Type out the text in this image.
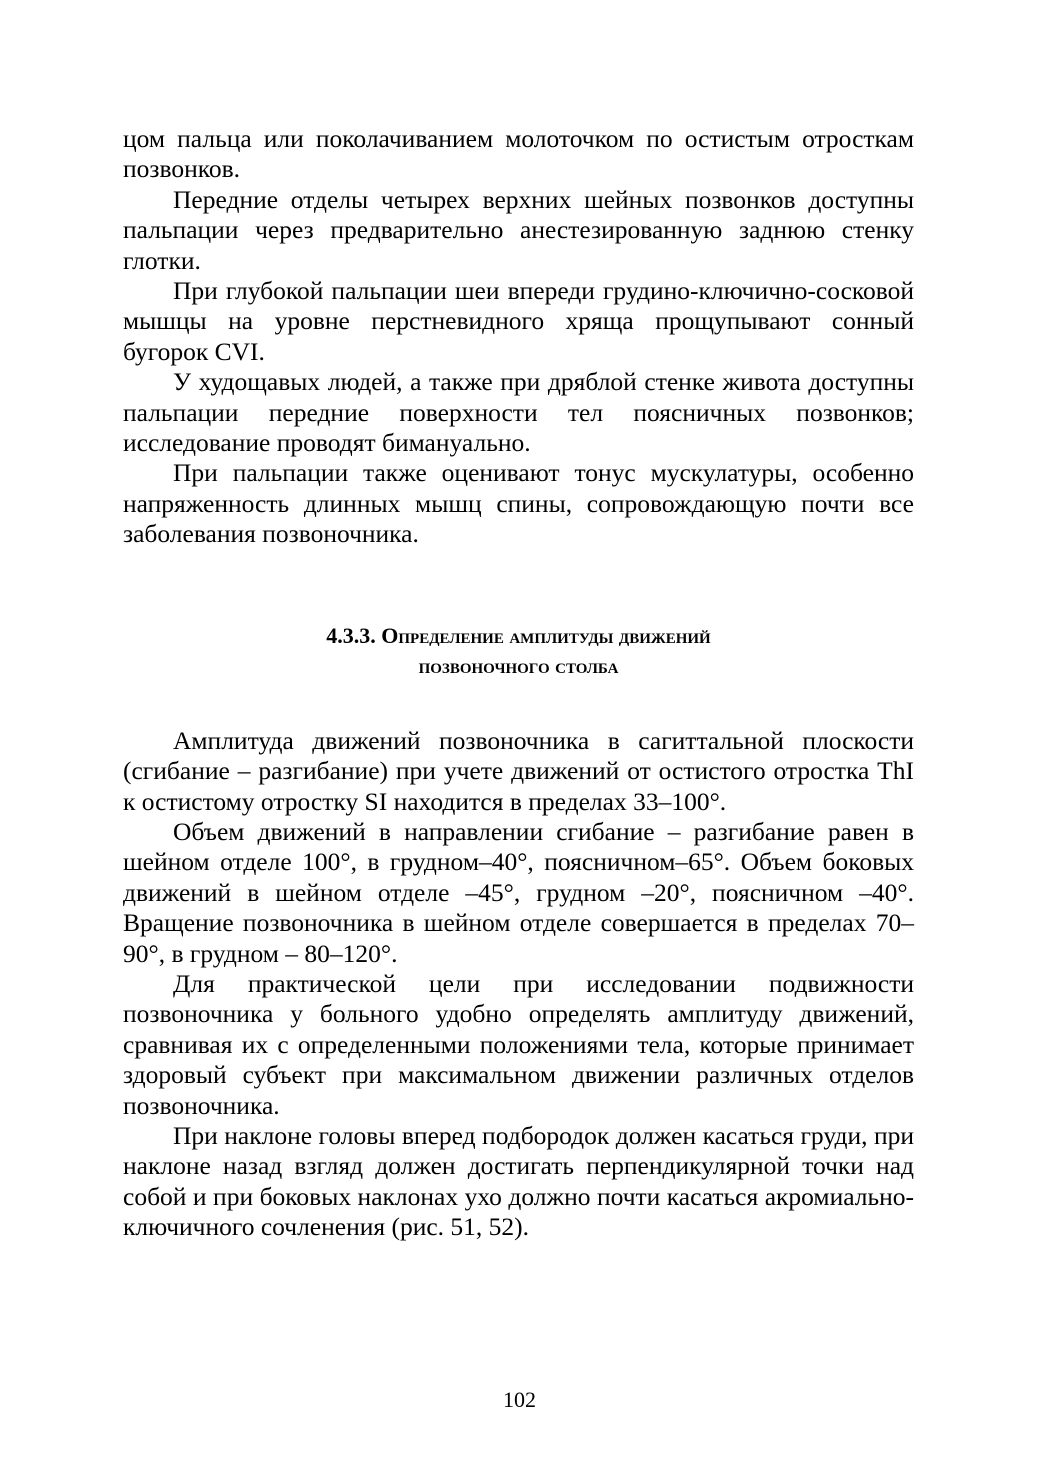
цом пальца или поколачиванием молоточком по остистым отросткам позвонков.

Передние отделы четырех верхних шейных позвонков доступны пальпации через предварительно анестезированную заднюю стенку глотки.

При глубокой пальпации шеи впереди грудино-ключично-сосковой мышцы на уровне перстневидного хряща прощупывают сонный бугорок CVI.

У худощавых людей, а также при дряблой стенке живота доступны пальпации передние поверхности тел поясничных позвонков; исследование проводят бимануально.

При пальпации также оценивают тонус мускулатуры, особенно напряженность длинных мышц спины, сопровождающую почти все заболевания позвоночника.

4.3.3. Определение амплитуды движений

позвоночного столба

Амплитуда движений позвоночника в сагиттальной плоскости (сгибание – разгибание) при учете движений от остистого отростка ThI к остистому отростку SI находится в пределах 33–100°.

Объем движений в направлении сгибание – разгибание равен в шейном отделе 100°, в грудном–40°, поясничном–65°. Объем боковых движений в шейном отделе –45°, грудном –20°, поясничном –40°. Вращение позвоночника в шейном отделе совершается в пределах 70–90°, в грудном – 80–120°.

Для практической цели при исследовании подвижности позвоночника у больного удобно определять амплитуду движений, сравнивая их с определенными положениями тела, которые принимает здоровый субъект при максимальном движении различных отделов позвоночника.

При наклоне головы вперед подбородок должен касаться груди, при наклоне назад взгляд должен достигать перпендикулярной точки над собой и при боковых наклонах ухо должно почти касаться акромиально-ключичного сочленения (рис. 51, 52).

102
